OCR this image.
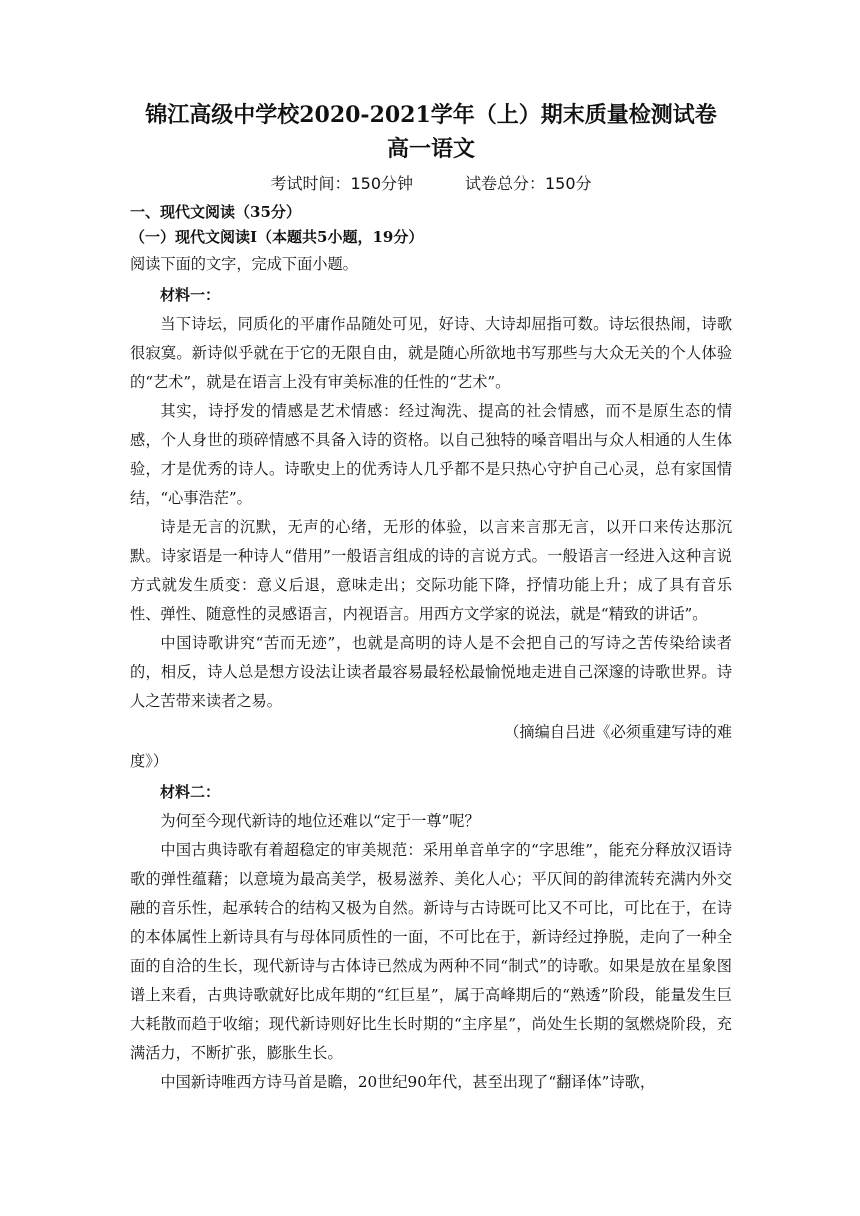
锦江高级中学校2020-2021学年（上）期末质量检测试卷
高一语文
考试时间：150分钟	试卷总分：150分
一、现代文阅读（35分）
（一）现代文阅读Ⅰ（本题共5小题，19分）

阅读下面的文字，完成下面小题。

材料一：

当下诗坛，同质化的平庸作品随处可见，好诗、大诗却屈指可数。诗坛很热闹，诗歌很寂寞。新诗似乎就在于它的无限自由，就是随心所欲地书写那些与大众无关的个人体验的“艺术”，就是在语言上没有审美标准的任性的“艺术”。

其实，诗抒发的情感是艺术情感：经过淘洗、提高的社会情感，而不是原生态的情感，个人身世的琐碎情感不具备入诗的资格。以自己独特的嗓音唱出与众人相通的人生体验，才是优秀的诗人。诗歌史上的优秀诗人几乎都不是只热心守护自己心灵，总有家国情结，“心事浩茫”。

诗是无言的沉默，无声的心绪，无形的体验，以言来言那无言，以开口来传达那沉默。诗家语是一种诗人“借用”一般语言组成的诗的言说方式。一般语言一经进入这种言说方式就发生质变：意义后退，意味走出；交际功能下降，抒情功能上升；成了具有音乐性、弹性、随意性的灵感语言，内视语言。用西方文学家的说法，就是“精致的讲话”。

中国诗歌讲究“苦而无迹”，也就是高明的诗人是不会把自己的写诗之苦传染给读者的，相反，诗人总是想方设法让读者最容易最轻松最愉悦地走进自己深邃的诗歌世界。诗人之苦带来读者之易。

（摘编自吕进《必须重建写诗的难

度》）

材料二：

为何至今现代新诗的地位还难以“定于一尊”呢？

中国古典诗歌有着超稳定的审美规范：采用单音单字的“字思维”，能充分释放汉语诗歌的弹性蕴藉；以意境为最高美学，极易滋养、美化人心；平仄间的韵律流转充满内外交融的音乐性，起承转合的结构又极为自然。新诗与古诗既可比又不可比，可比在于，在诗的本体属性上新诗具有与母体同质性的一面，不可比在于，新诗经过挣脱，走向了一种全面的自洽的生长，现代新诗与古体诗已然成为两种不同“制式”的诗歌。如果是放在星象图谱上来看，古典诗歌就好比成年期的“红巨星”，属于高峰期后的“熟透”阶段，能量发生巨大耗散而趋于收缩；现代新诗则好比生长时期的“主序星”，尚处生长期的氢燃烧阶段，充满活力，不断扩张，膨胀生长。

中国新诗唯西方诗马首是瞻，20世纪90年代，甚至出现了“翻译体”诗歌，
